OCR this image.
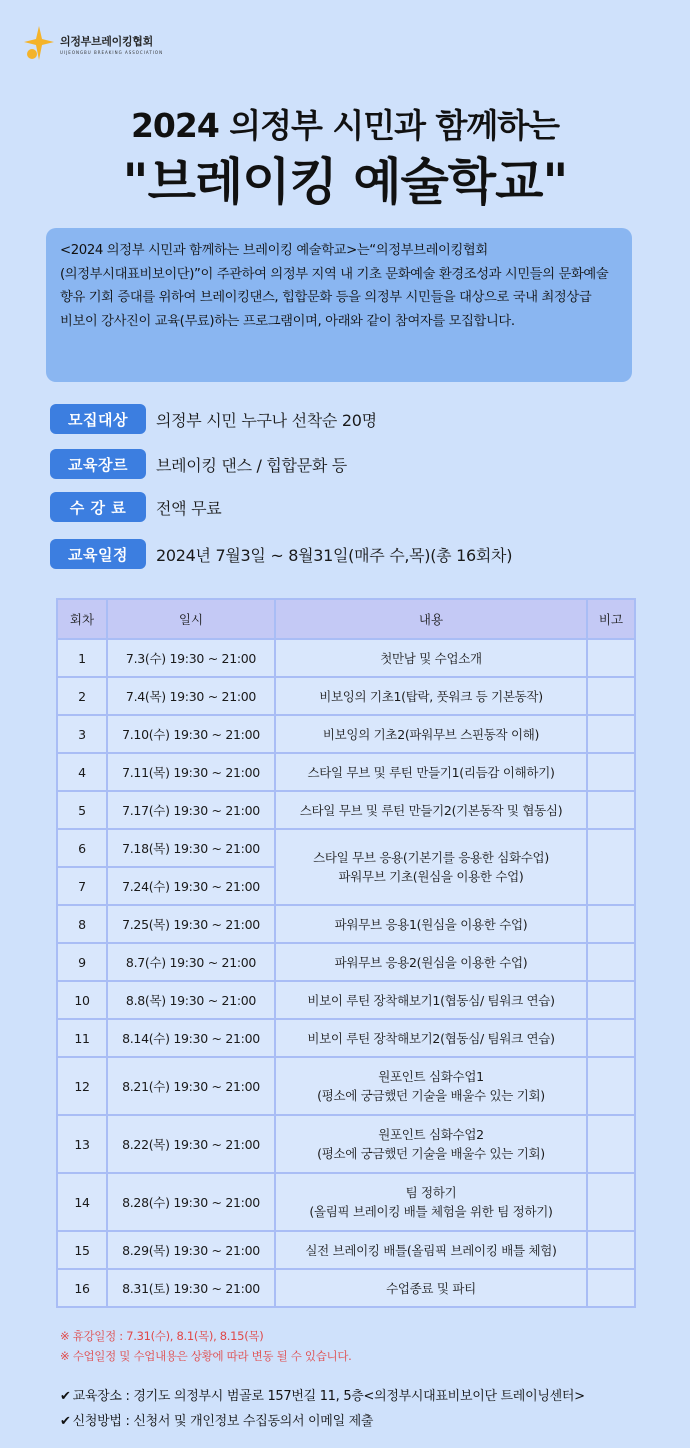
의정부브레이킹협회
UIJEONGBU BREAKING ASSOCIATION
2024 의정부 시민과 함께하는
"브레이킹 예술학교"
<2024 의정부 시민과 함께하는 브레이킹 예술학교>는“의정부브레이킹협회(의정부시대표비보이단)”이 주관하여 의정부 지역 내 기초 문화예술 환경조성과 시민들의 문화예술 향유 기회 증대를 위하여 브레이킹댄스, 힙합문화 등을 의정부 시민들을 대상으로 국내 최정상급 비보이 강사진이 교육(무료)하는 프로그램이며, 아래와 같이 참여자를 모집합니다.
모집대상	의정부 시민 누구나 선착순 20명
교육장르	브레이킹 댄스 / 힙합문화 등
수 강 료	전액 무료
교육일정	2024년 7월3일 ~ 8월31일(매주 수,목)(총 16회차)
회차	일시	내용	비고
1	7.3(수) 19:30 ~ 21:00	첫만남 및 수업소개	
2	7.4(목) 19:30 ~ 21:00	비보잉의 기초1(탑락, 풋워크 등 기본동작)	
3	7.10(수) 19:30 ~ 21:00	비보잉의 기초2(파워무브 스핀동작 이해)	
4	7.11(목) 19:30 ~ 21:00	스타일 무브 및 루틴 만들기1(리듬감 이해하기)	
5	7.17(수) 19:30 ~ 21:00	스타일 무브 및 루틴 만들기2(기본동작 및 협동심)	
6	7.18(목) 19:30 ~ 21:00	스타일 무브 응용(기본기를 응용한 심화수업)
파워무브 기초(원심을 이용한 수업)	

7	7.24(수) 19:30 ~ 21:00		
8	7.25(목) 19:30 ~ 21:00	파워무브 응용1(원심을 이용한 수업)	
9	8.7(수) 19:30 ~ 21:00	파워무브 응용2(원심을 이용한 수업)	
10	8.8(목) 19:30 ~ 21:00	비보이 루틴 장착해보기1(협동심/ 팀워크 연습)	
11	8.14(수) 19:30 ~ 21:00	비보이 루틴 장착해보기2(협동심/ 팀워크 연습)	
12	8.21(수) 19:30 ~ 21:00	원포인트 심화수업1
(평소에 궁금했던 기술을 배울수 있는 기회)	

13	8.22(목) 19:30 ~ 21:00	원포인트 심화수업2
(평소에 궁금했던 기술을 배울수 있는 기회)	

14	8.28(수) 19:30 ~ 21:00	팀 정하기
(올림픽 브레이킹 배틀 체험을 위한 팀 정하기)	

15	8.29(목) 19:30 ~ 21:00	실전 브레이킹 배틀(올림픽 브레이킹 배틀 체험)	
16	8.31(토) 19:30 ~ 21:00	수업종료 및 파티	
※ 휴강일정 : 7.31(수), 8.1(목), 8.15(목)
※ 수업일정 및 수업내용은 상황에 따라 변동 될 수 있습니다.
✔ 교육장소 : 경기도 의정부시 범골로 157번길 11, 5층<의정부시대표비보이단 트레이닝센터>
✔ 신청방법 : 신청서 및 개인정보 수집동의서 이메일 제출
